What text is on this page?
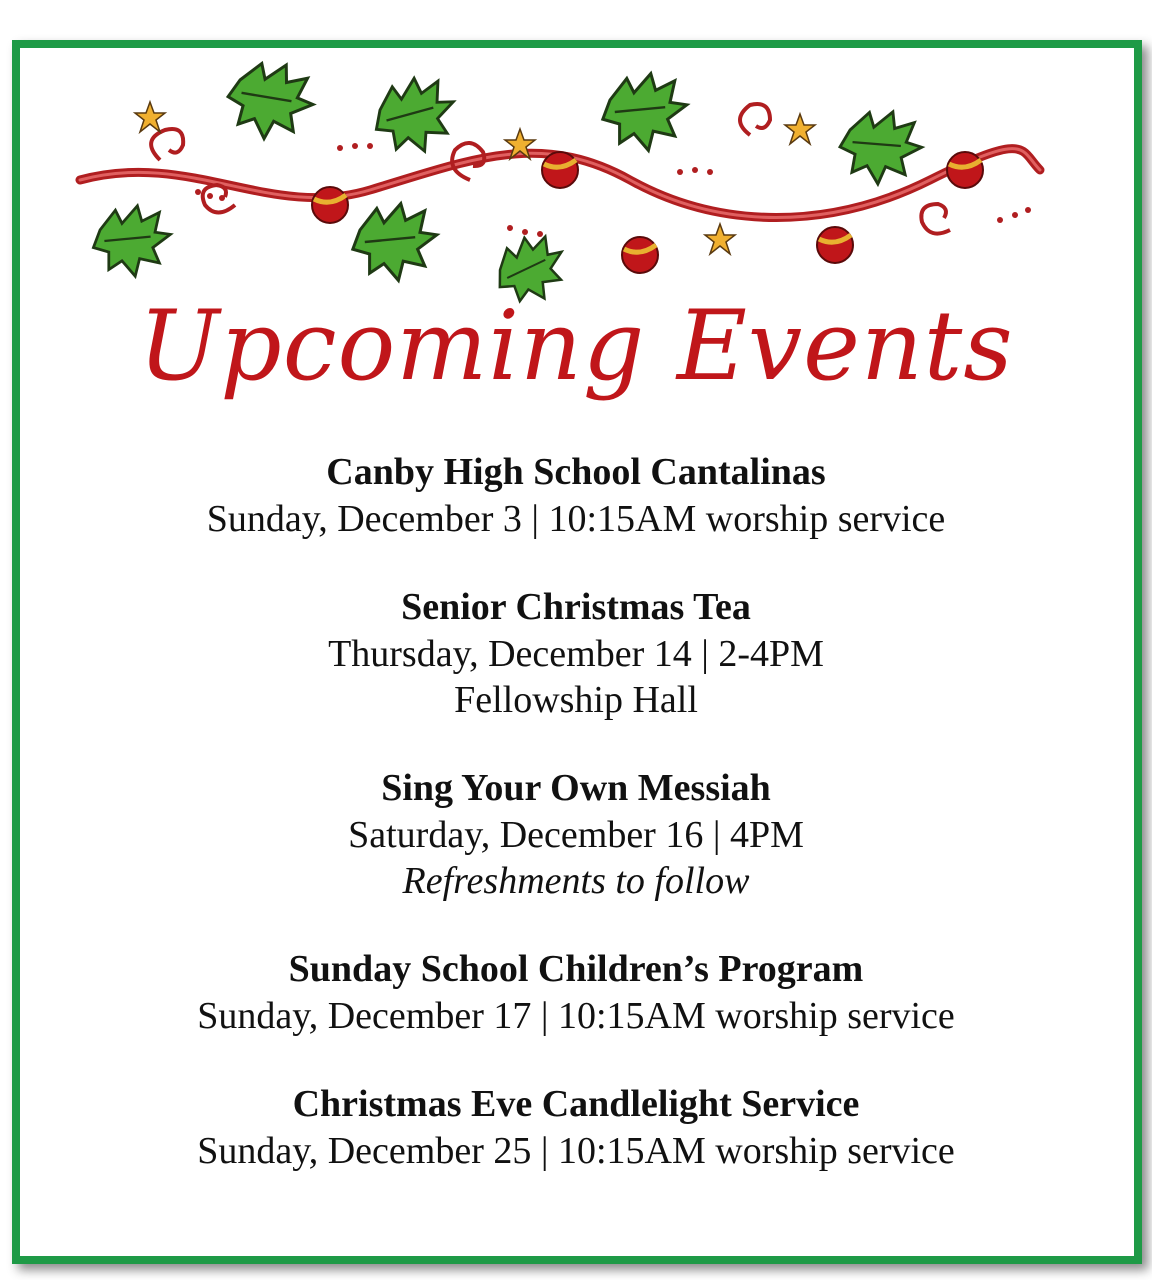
Upcoming Events
Canby High School Cantalinas
Sunday, December 3 | 10:15AM worship service
Senior Christmas Tea
Thursday, December 14 | 2-4PM
Fellowship Hall
Sing Your Own Messiah
Saturday, December 16 | 4PM
Refreshments to follow
Sunday School Children’s Program
Sunday, December 17 | 10:15AM worship service
Christmas Eve Candlelight Service
Sunday, December 25 | 10:15AM worship service
